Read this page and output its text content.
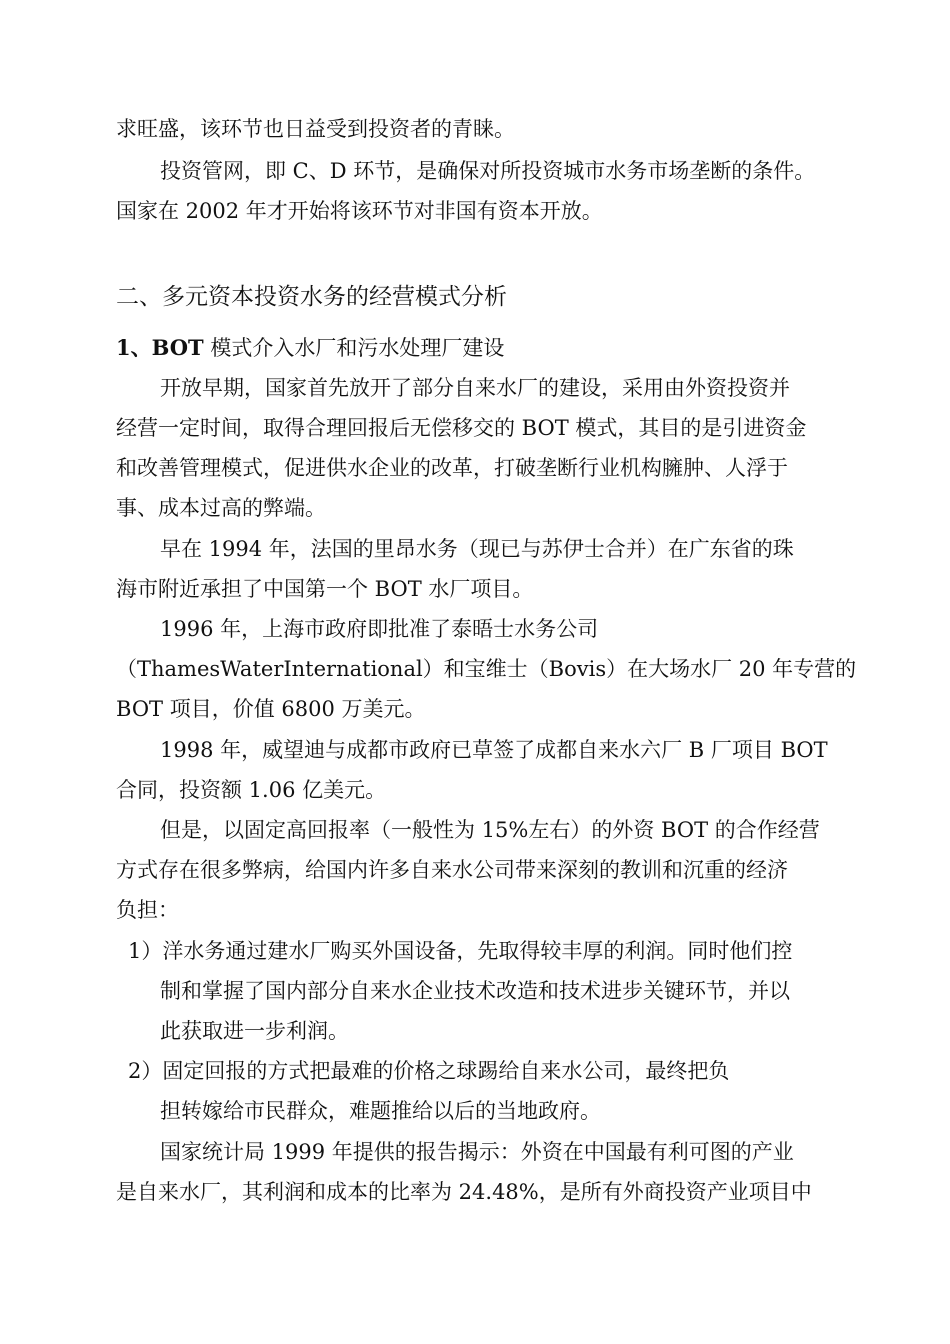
求旺盛，该环节也日益受到投资者的青睐。
投资管网，即 C、D 环节，是确保对所投资城市水务市场垄断的条件。
国家在 2002 年才开始将该环节对非国有资本开放。
二、多元资本投资水务的经营模式分析
1、BOT 模式介入水厂和污水处理厂建设
开放早期，国家首先放开了部分自来水厂的建设，采用由外资投资并
经营一定时间，取得合理回报后无偿移交的 BOT 模式，其目的是引进资金
和改善管理模式，促进供水企业的改革，打破垄断行业机构臃肿、人浮于
事、成本过高的弊端。
早在 1994 年，法国的里昂水务（现已与苏伊士合并）在广东省的珠
海市附近承担了中国第一个 BOT 水厂项目。
1996 年，上海市政府即批准了泰晤士水务公司
（ThamesWaterInternational）和宝维士（Bovis）在大场水厂 20 年专营的
BOT 项目，价值 6800 万美元。
1998 年，威望迪与成都市政府已草签了成都自来水六厂 B 厂项目 BOT
合同，投资额 1.06 亿美元。
但是，以固定高回报率（一般性为 15%左右）的外资 BOT 的合作经营
方式存在很多弊病，给国内许多自来水公司带来深刻的教训和沉重的经济
负担：
1）洋水务通过建水厂购买外国设备，先取得较丰厚的利润。同时他们控
制和掌握了国内部分自来水企业技术改造和技术进步关键环节，并以
此获取进一步利润。
2）固定回报的方式把最难的价格之球踢给自来水公司，最终把负
担转嫁给市民群众，难题推给以后的当地政府。
国家统计局 1999 年提供的报告揭示：外资在中国最有利可图的产业
是自来水厂，其利润和成本的比率为 24.48%，是所有外商投资产业项目中
